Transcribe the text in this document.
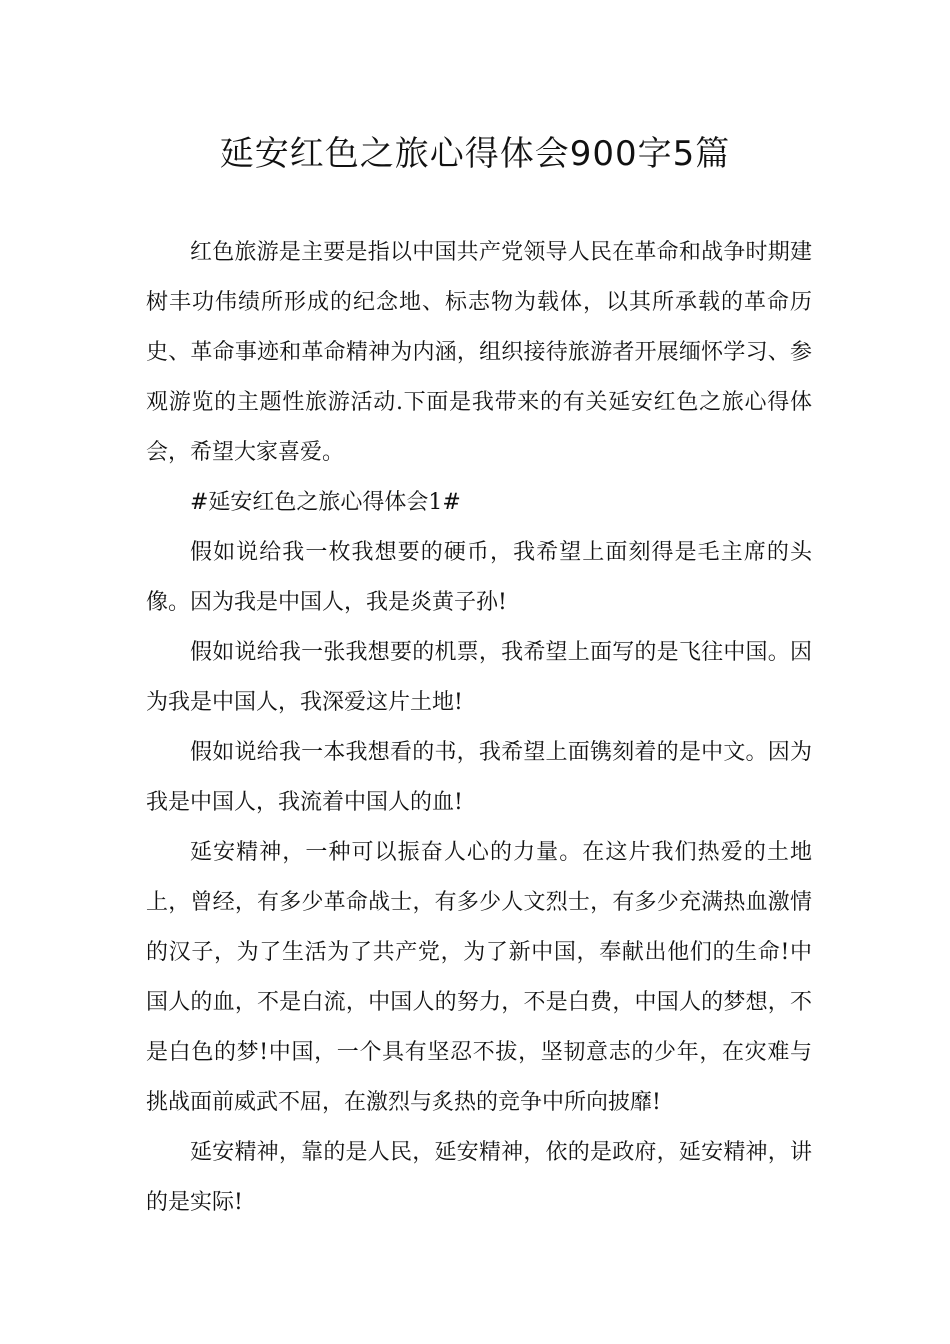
延安红色之旅心得体会900字5篇

红色旅游是主要是指以中国共产党领导人民在革命和战争时期建树丰功伟绩所形成的纪念地、标志物为载体，以其所承载的革命历史、革命事迹和革命精神为内涵，组织接待旅游者开展缅怀学习、参观游览的主题性旅游活动.下面是我带来的有关延安红色之旅心得体会，希望大家喜爱。

#延安红色之旅心得体会1#

假如说给我一枚我想要的硬币，我希望上面刻得是毛主席的头像。因为我是中国人，我是炎黄子孙!

假如说给我一张我想要的机票，我希望上面写的是飞往中国。因为我是中国人，我深爱这片土地!

假如说给我一本我想看的书，我希望上面镌刻着的是中文。因为我是中国人，我流着中国人的血!

延安精神，一种可以振奋人心的力量。在这片我们热爱的土地上，曾经，有多少革命战士，有多少人文烈士，有多少充满热血激情的汉子，为了生活为了共产党，为了新中国，奉献出他们的生命!中国人的血，不是白流，中国人的努力，不是白费，中国人的梦想，不是白色的梦!中国，一个具有坚忍不拔，坚韧意志的少年，在灾难与挑战面前威武不屈，在激烈与炙热的竞争中所向披靡!

延安精神，靠的是人民，延安精神，依的是政府，延安精神，讲的是实际!
